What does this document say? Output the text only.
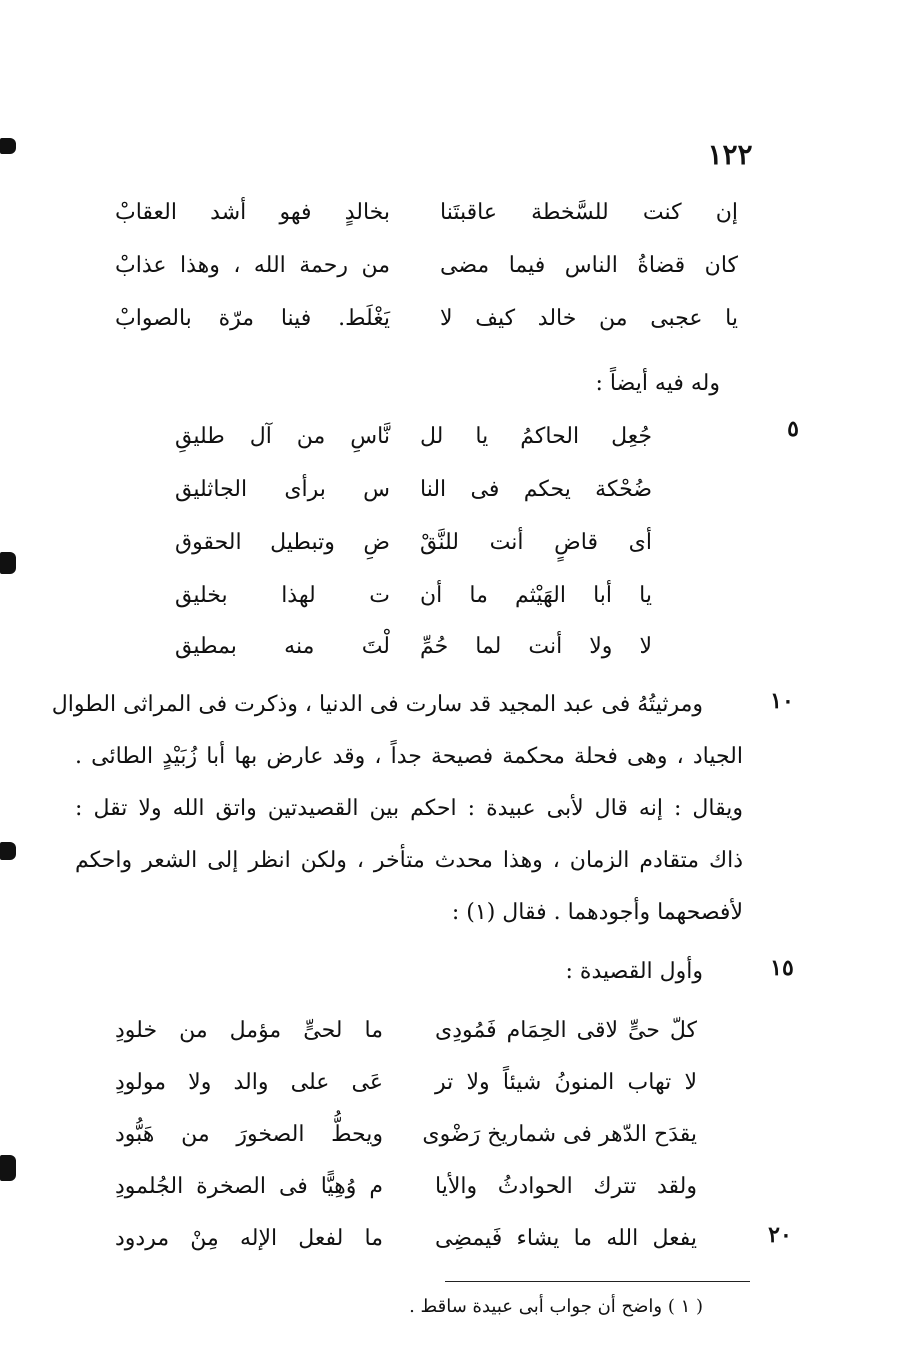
١٢٢
إن كنت للسَّخطة عاقبتَنا
بخالدٍ فهو أشد العقابْ
كان قضاةُ الناس فيما مضى
من رحمة الله ، وهذا عذابْ
يا عجبى من خالد كيف لا
يَغْلَط. فينا مرّة بالصوابْ
وله فيه أيضاً :
٥
جُعِل الحاكمُ يا لل
نَّاسِ من آل طليقِ
ضُحْكة يحكم فى النا
س برأى الجاثليق
أى قاضٍ أنت للنَّقْ
ضِ وتبطيل الحقوق
يا أبا الهَيْثم ما أن
ت لهذا بخليق
لا ولا أنت لما حُمِّ
لْتَ منه بمطيق
١٠
ومرثيتُهُ فى عبد المجيد قد سارت فى الدنيا ، وذكرت فى المراثى الطوال
الجياد ، وهى فحلة محكمة فصيحة جداً ، وقد عارض بها أبا زُبَيْدٍ الطائى .
ويقال : إنه قال لأبى عبيدة : احكم بين القصيدتين واتق الله ولا تقل :
ذاك متقادم الزمان ، وهذا محدث متأخر ، ولكن انظر إلى الشعر واحكم
لأفصحهما وأجودهما . فقال (١) :
١٥
وأول القصيدة :
كلّ حىٍّ لاقى الحِمَام فَمُودِى
ما لحىٍّ مؤمل من خلودِ
لا تهاب المنونُ شيئاً ولا تر
عَى على والد ولا مولودِ
يقدَح الدّهر فى شماريخ رَضْوى
ويحطُّ الصخورَ من هَبُّود
ولقد تترك الحوادثُ والأيا
م وُهِيًّا فى الصخرة الجُلمودِ
٢٠
يفعل الله ما يشاء فَيمضِى
ما لفعل الإله مِنْ مردود
( ١ ) واضح أن جواب أبى عبيدة ساقط .
